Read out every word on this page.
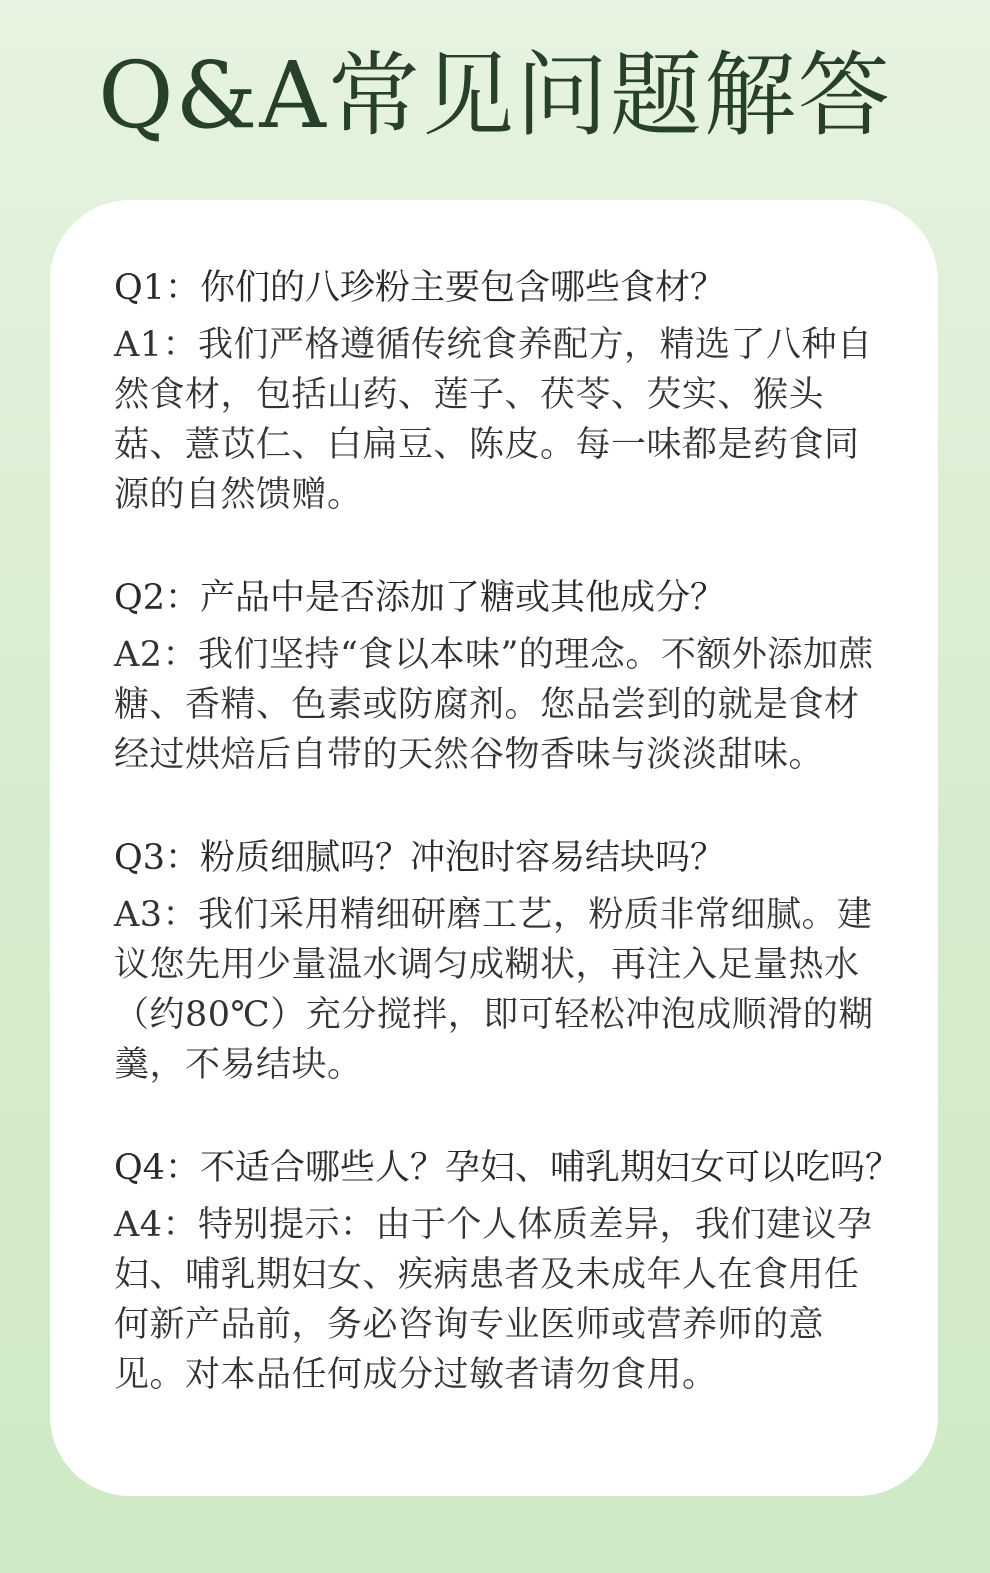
Q&A常见问题解答

Q1：你们的八珍粉主要包含哪些食材？

A1：我们严格遵循传统食养配方，精选了八种自然食材，包括山药、莲子、茯苓、芡实、猴头菇、薏苡仁、白扁豆、陈皮。每一味都是药食同源的自然馈赠。

Q2：产品中是否添加了糖或其他成分？

A2：我们坚持“食以本味”的理念。不额外添加蔗糖、香精、色素或防腐剂。您品尝到的就是食材经过烘焙后自带的天然谷物香味与淡淡甜味。

Q3：粉质细腻吗？冲泡时容易结块吗？

A3：我们采用精细研磨工艺，粉质非常细腻。建议您先用少量温水调匀成糊状，再注入足量热水（约80℃）充分搅拌，即可轻松冲泡成顺滑的糊羹，不易结块。

Q4：不适合哪些人？孕妇、哺乳期妇女可以吃吗？

A4：特别提示：由于个人体质差异，我们建议孕妇、哺乳期妇女、疾病患者及未成年人在食用任何新产品前，务必咨询专业医师或营养师的意见。对本品任何成分过敏者请勿食用。
